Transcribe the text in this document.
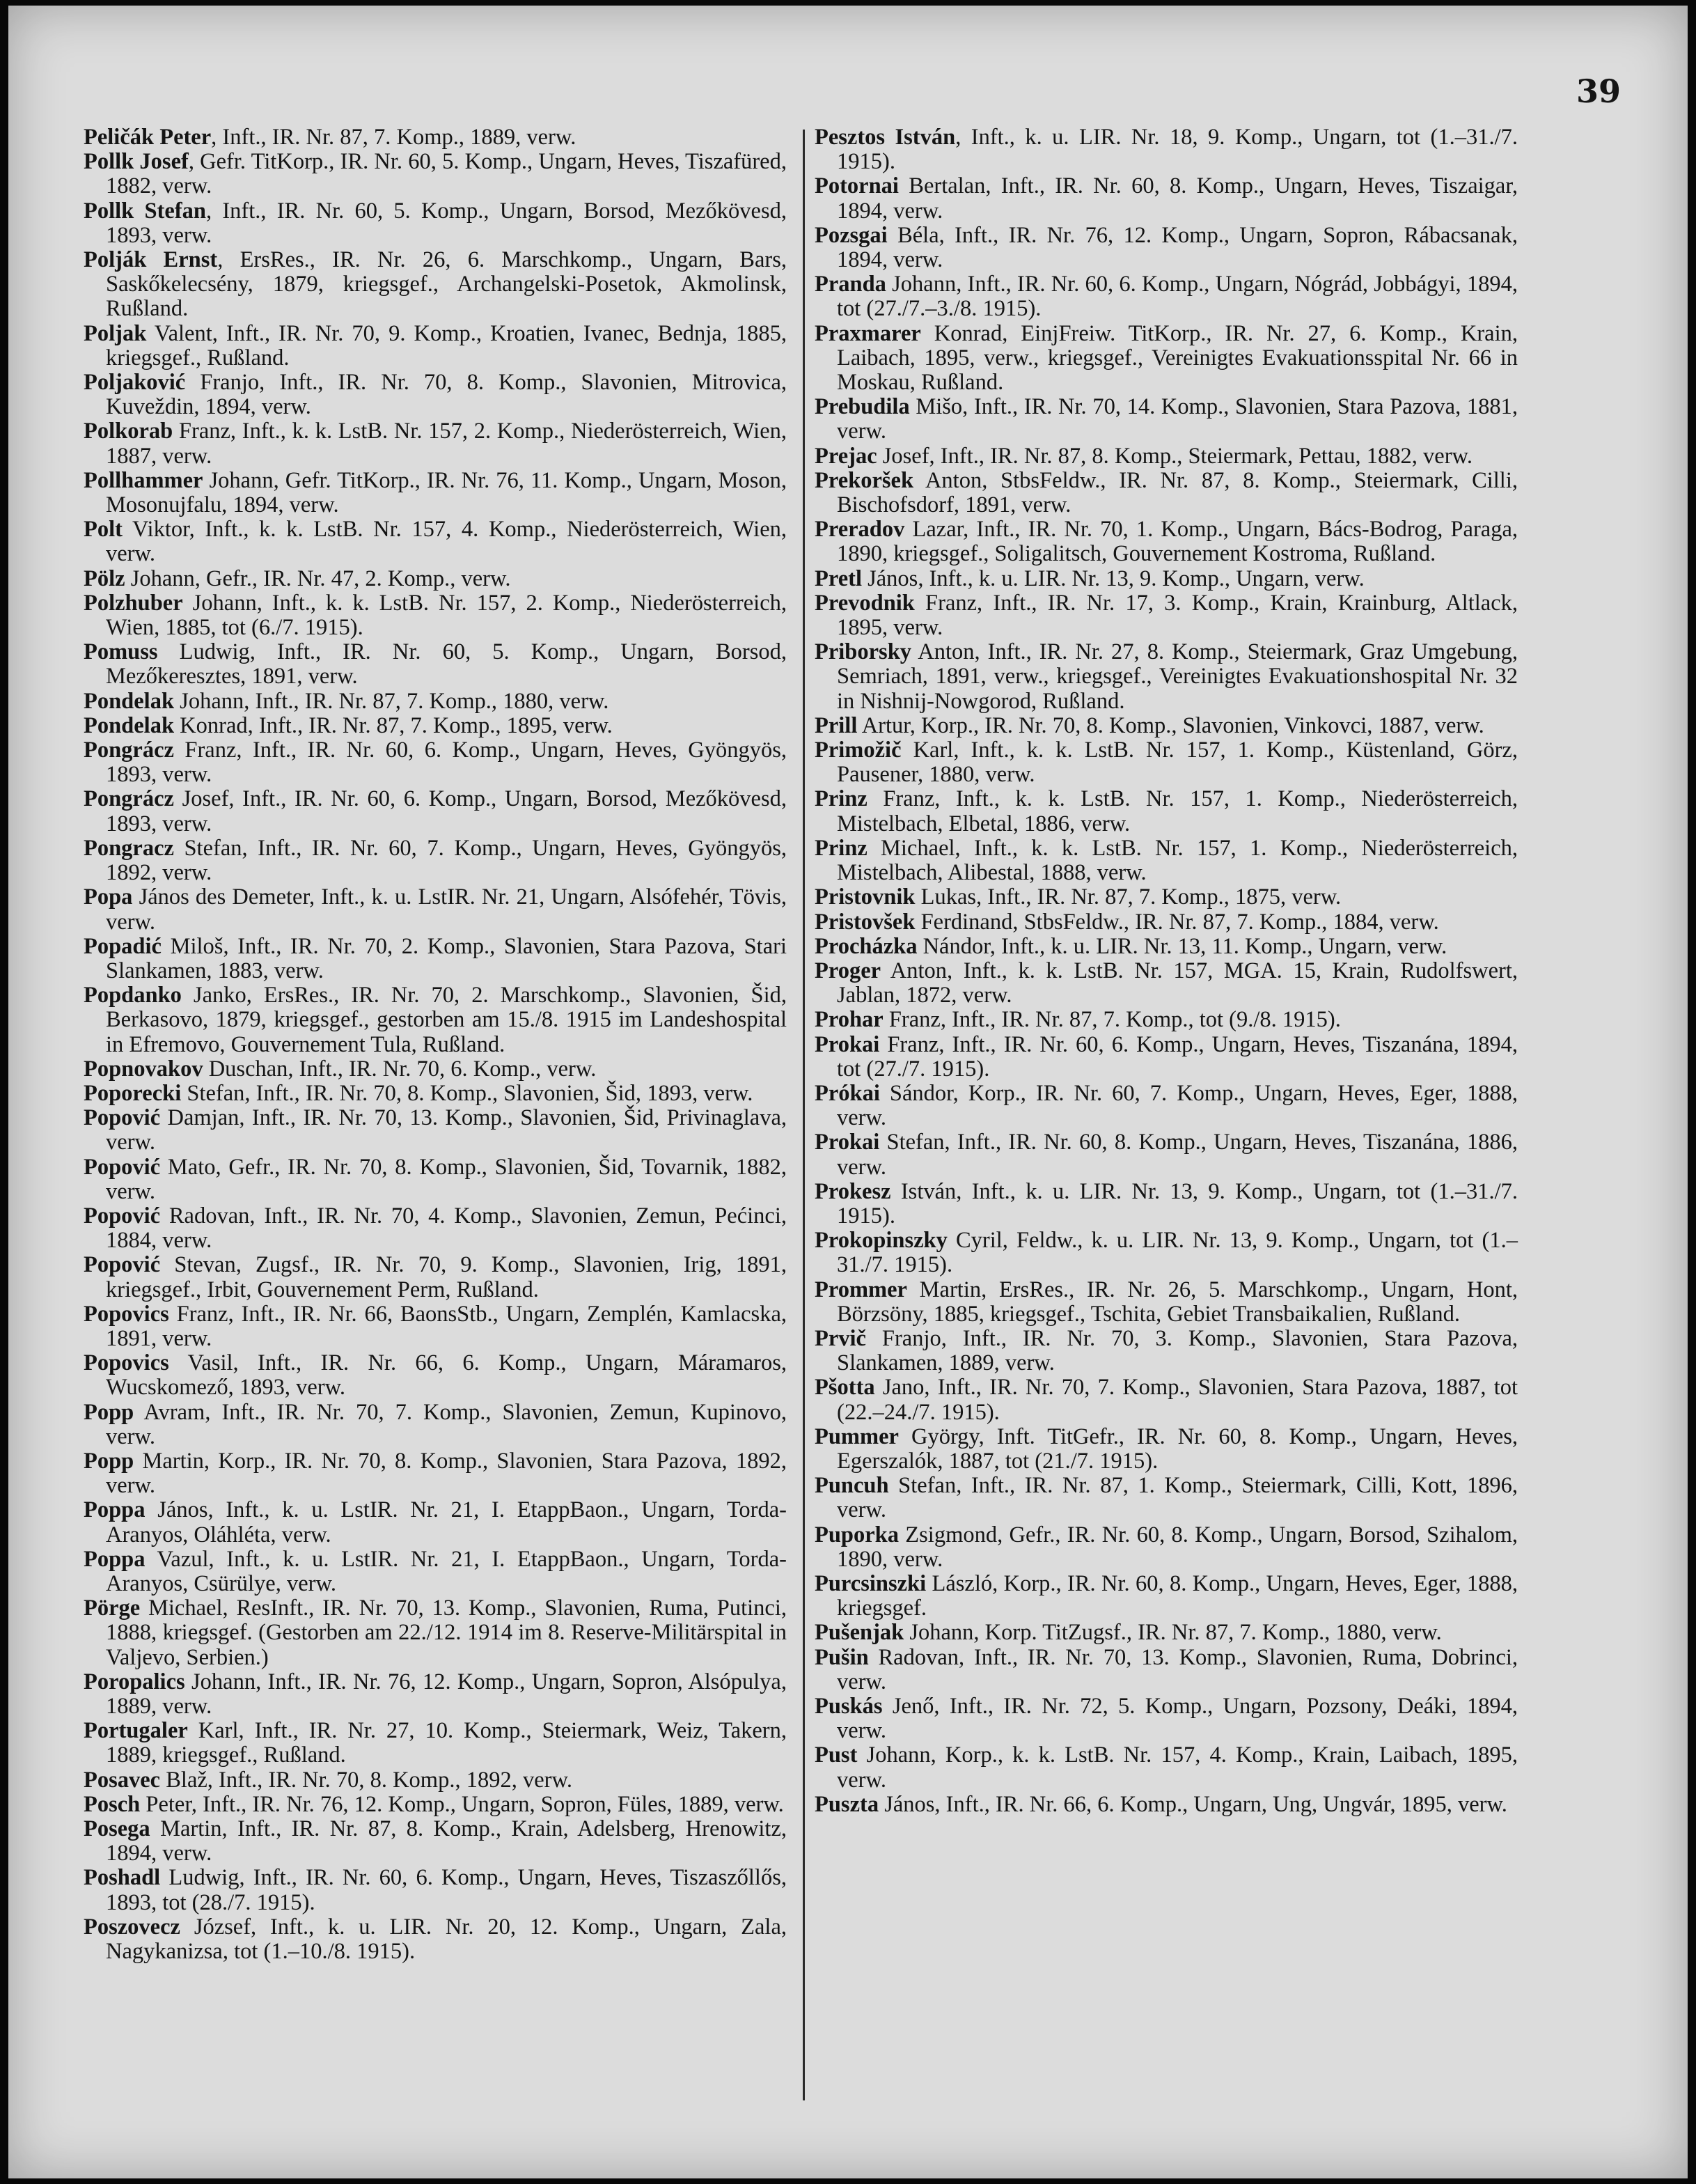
39
Peličák Peter, Inft., IR. Nr. 87, 7. Komp., 1889, verw.
Pollk Josef, Gefr. TitKorp., IR. Nr. 60, 5. Komp., Ungarn, Heves, Tiszafüred, 1882, verw.
Pollk Stefan, Inft., IR. Nr. 60, 5. Komp., Ungarn, Borsod, Mezőkövesd, 1893, verw.
Polják Ernst, ErsRes., IR. Nr. 26, 6. Marschkomp., Ungarn, Bars, Saskőkelecsény, 1879, kriegsgef., Archangelski-Posetok, Akmolinsk, Rußland.
Poljak Valent, Inft., IR. Nr. 70, 9. Komp., Kroatien, Ivanec, Bednja, 1885, kriegsgef., Rußland.
Poljaković Franjo, Inft., IR. Nr. 70, 8. Komp., Slavonien, Mitrovica, Kuveždin, 1894, verw.
Polkorab Franz, Inft., k. k. LstB. Nr. 157, 2. Komp., Niederösterreich, Wien, 1887, verw.
Pollhammer Johann, Gefr. TitKorp., IR. Nr. 76, 11. Komp., Ungarn, Moson, Mosonujfalu, 1894, verw.
Polt Viktor, Inft., k. k. LstB. Nr. 157, 4. Komp., Niederösterreich, Wien, verw.
Pölz Johann, Gefr., IR. Nr. 47, 2. Komp., verw.
Polzhuber Johann, Inft., k. k. LstB. Nr. 157, 2. Komp., Niederösterreich, Wien, 1885, tot (6./7. 1915).
Pomuss Ludwig, Inft., IR. Nr. 60, 5. Komp., Ungarn, Borsod, Mezőkeresztes, 1891, verw.
Pondelak Johann, Inft., IR. Nr. 87, 7. Komp., 1880, verw.
Pondelak Konrad, Inft., IR. Nr. 87, 7. Komp., 1895, verw.
Pongrácz Franz, Inft., IR. Nr. 60, 6. Komp., Ungarn, Heves, Gyöngyös, 1893, verw.
Pongrácz Josef, Inft., IR. Nr. 60, 6. Komp., Ungarn, Borsod, Mezőkövesd, 1893, verw.
Pongracz Stefan, Inft., IR. Nr. 60, 7. Komp., Ungarn, Heves, Gyöngyös, 1892, verw.
Popa János des Demeter, Inft., k. u. LstIR. Nr. 21, Ungarn, Alsófehér, Tövis, verw.
Popadić Miloš, Inft., IR. Nr. 70, 2. Komp., Slavonien, Stara Pazova, Stari Slankamen, 1883, verw.
Popdanko Janko, ErsRes., IR. Nr. 70, 2. Marschkomp., Slavonien, Šid, Berkasovo, 1879, kriegsgef., gestorben am 15./8. 1915 im Landeshospital in Efremovo, Gouvernement Tula, Rußland.
Popnovakov Duschan, Inft., IR. Nr. 70, 6. Komp., verw.
Poporecki Stefan, Inft., IR. Nr. 70, 8. Komp., Slavonien, Šid, 1893, verw.
Popović Damjan, Inft., IR. Nr. 70, 13. Komp., Slavonien, Šid, Privinaglava, verw.
Popović Mato, Gefr., IR. Nr. 70, 8. Komp., Slavonien, Šid, Tovarnik, 1882, verw.
Popović Radovan, Inft., IR. Nr. 70, 4. Komp., Slavonien, Zemun, Pećinci, 1884, verw.
Popović Stevan, Zugsf., IR. Nr. 70, 9. Komp., Slavonien, Irig, 1891, kriegsgef., Irbit, Gouvernement Perm, Rußland.
Popovics Franz, Inft., IR. Nr. 66, BaonsStb., Ungarn, Zemplén, Kamlacska, 1891, verw.
Popovics Vasil, Inft., IR. Nr. 66, 6. Komp., Ungarn, Máramaros, Wucskomező, 1893, verw.
Popp Avram, Inft., IR. Nr. 70, 7. Komp., Slavonien, Zemun, Kupinovo, verw.
Popp Martin, Korp., IR. Nr. 70, 8. Komp., Slavonien, Stara Pazova, 1892, verw.
Poppa János, Inft., k. u. LstIR. Nr. 21, I. EtappBaon., Ungarn, Torda-Aranyos, Oláhléta, verw.
Poppa Vazul, Inft., k. u. LstIR. Nr. 21, I. EtappBaon., Ungarn, Torda-Aranyos, Csürülye, verw.
Pörge Michael, ResInft., IR. Nr. 70, 13. Komp., Slavonien, Ruma, Putinci, 1888, kriegsgef. (Gestorben am 22./12. 1914 im 8. Reserve-Militärspital in Valjevo, Serbien.)
Poropalics Johann, Inft., IR. Nr. 76, 12. Komp., Ungarn, Sopron, Alsópulya, 1889, verw.
Portugaler Karl, Inft., IR. Nr. 27, 10. Komp., Steiermark, Weiz, Takern, 1889, kriegsgef., Rußland.
Posavec Blaž, Inft., IR. Nr. 70, 8. Komp., 1892, verw.
Posch Peter, Inft., IR. Nr. 76, 12. Komp., Ungarn, Sopron, Füles, 1889, verw.
Posega Martin, Inft., IR. Nr. 87, 8. Komp., Krain, Adelsberg, Hrenowitz, 1894, verw.
Poshadl Ludwig, Inft., IR. Nr. 60, 6. Komp., Ungarn, Heves, Tiszaszőllős, 1893, tot (28./7. 1915).
Poszovecz József, Inft., k. u. LIR. Nr. 20, 12. Komp., Ungarn, Zala, Nagykanizsa, tot (1.–10./8. 1915).
Pesztos István, Inft., k. u. LIR. Nr. 18, 9. Komp., Ungarn, tot (1.–31./7. 1915).
Potornai Bertalan, Inft., IR. Nr. 60, 8. Komp., Ungarn, Heves, Tiszaigar, 1894, verw.
Pozsgai Béla, Inft., IR. Nr. 76, 12. Komp., Ungarn, Sopron, Rábacsanak, 1894, verw.
Pranda Johann, Inft., IR. Nr. 60, 6. Komp., Ungarn, Nógrád, Jobbágyi, 1894, tot (27./7.–3./8. 1915).
Praxmarer Konrad, EinjFreiw. TitKorp., IR. Nr. 27, 6. Komp., Krain, Laibach, 1895, verw., kriegsgef., Vereinigtes Evakuationsspital Nr. 66 in Moskau, Rußland.
Prebudila Mišo, Inft., IR. Nr. 70, 14. Komp., Slavonien, Stara Pazova, 1881, verw.
Prejac Josef, Inft., IR. Nr. 87, 8. Komp., Steiermark, Pettau, 1882, verw.
Prekoršek Anton, StbsFeldw., IR. Nr. 87, 8. Komp., Steiermark, Cilli, Bischofsdorf, 1891, verw.
Preradov Lazar, Inft., IR. Nr. 70, 1. Komp., Ungarn, Bács-Bodrog, Paraga, 1890, kriegsgef., Soligalitsch, Gouvernement Kostroma, Rußland.
Pretl János, Inft., k. u. LIR. Nr. 13, 9. Komp., Ungarn, verw.
Prevodnik Franz, Inft., IR. Nr. 17, 3. Komp., Krain, Krainburg, Altlack, 1895, verw.
Priborsky Anton, Inft., IR. Nr. 27, 8. Komp., Steiermark, Graz Umgebung, Semriach, 1891, verw., kriegsgef., Vereinigtes Evakuationshospital Nr. 32 in Nishnij-Nowgorod, Rußland.
Prill Artur, Korp., IR. Nr. 70, 8. Komp., Slavonien, Vinkovci, 1887, verw.
Primožič Karl, Inft., k. k. LstB. Nr. 157, 1. Komp., Küstenland, Görz, Pausener, 1880, verw.
Prinz Franz, Inft., k. k. LstB. Nr. 157, 1. Komp., Niederösterreich, Mistelbach, Elbetal, 1886, verw.
Prinz Michael, Inft., k. k. LstB. Nr. 157, 1. Komp., Niederösterreich, Mistelbach, Alibestal, 1888, verw.
Pristovnik Lukas, Inft., IR. Nr. 87, 7. Komp., 1875, verw.
Pristovšek Ferdinand, StbsFeldw., IR. Nr. 87, 7. Komp., 1884, verw.
Procházka Nándor, Inft., k. u. LIR. Nr. 13, 11. Komp., Ungarn, verw.
Proger Anton, Inft., k. k. LstB. Nr. 157, MGA. 15, Krain, Rudolfswert, Jablan, 1872, verw.
Prohar Franz, Inft., IR. Nr. 87, 7. Komp., tot (9./8. 1915).
Prokai Franz, Inft., IR. Nr. 60, 6. Komp., Ungarn, Heves, Tiszanána, 1894, tot (27./7. 1915).
Prókai Sándor, Korp., IR. Nr. 60, 7. Komp., Ungarn, Heves, Eger, 1888, verw.
Prokai Stefan, Inft., IR. Nr. 60, 8. Komp., Ungarn, Heves, Tiszanána, 1886, verw.
Prokesz István, Inft., k. u. LIR. Nr. 13, 9. Komp., Ungarn, tot (1.–31./7. 1915).
Prokopinszky Cyril, Feldw., k. u. LIR. Nr. 13, 9. Komp., Ungarn, tot (1.–31./7. 1915).
Prommer Martin, ErsRes., IR. Nr. 26, 5. Marschkomp., Ungarn, Hont, Börzsöny, 1885, kriegsgef., Tschita, Gebiet Transbaikalien, Rußland.
Prvič Franjo, Inft., IR. Nr. 70, 3. Komp., Slavonien, Stara Pazova, Slankamen, 1889, verw.
Pšotta Jano, Inft., IR. Nr. 70, 7. Komp., Slavonien, Stara Pazova, 1887, tot (22.–24./7. 1915).
Pummer György, Inft. TitGefr., IR. Nr. 60, 8. Komp., Ungarn, Heves, Egerszalók, 1887, tot (21./7. 1915).
Puncuh Stefan, Inft., IR. Nr. 87, 1. Komp., Steiermark, Cilli, Kott, 1896, verw.
Puporka Zsigmond, Gefr., IR. Nr. 60, 8. Komp., Ungarn, Borsod, Szihalom, 1890, verw.
Purcsinszki László, Korp., IR. Nr. 60, 8. Komp., Ungarn, Heves, Eger, 1888, kriegsgef.
Pušenjak Johann, Korp. TitZugsf., IR. Nr. 87, 7. Komp., 1880, verw.
Pušin Radovan, Inft., IR. Nr. 70, 13. Komp., Slavonien, Ruma, Dobrinci, verw.
Puskás Jenő, Inft., IR. Nr. 72, 5. Komp., Ungarn, Pozsony, Deáki, 1894, verw.
Pust Johann, Korp., k. k. LstB. Nr. 157, 4. Komp., Krain, Laibach, 1895, verw.
Puszta János, Inft., IR. Nr. 66, 6. Komp., Ungarn, Ung, Ungvár, 1895, verw.
